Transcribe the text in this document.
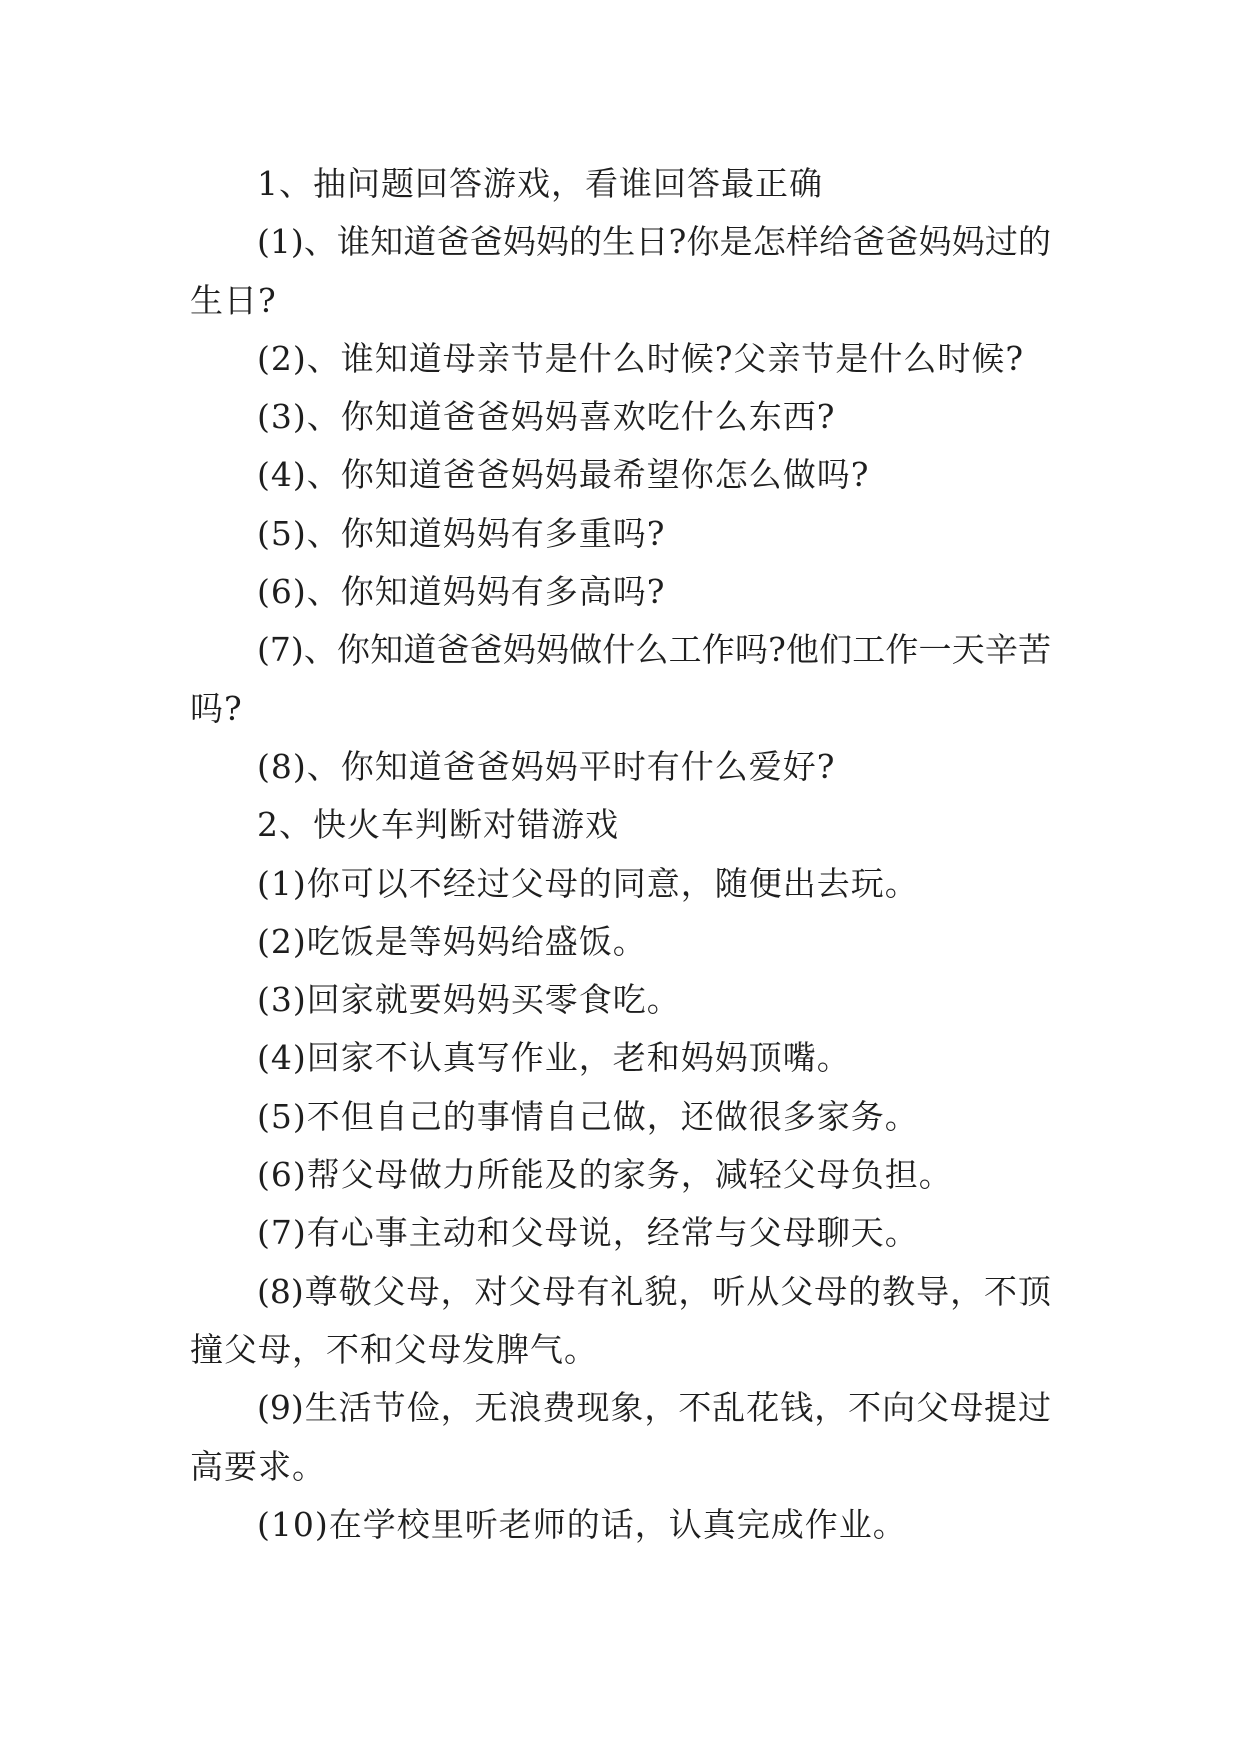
1、抽问题回答游戏，看谁回答最正确
(1)、谁知道爸爸妈妈的生日?你是怎样给爸爸妈妈过的
生日?
(2)、谁知道母亲节是什么时候?父亲节是什么时候?
(3)、你知道爸爸妈妈喜欢吃什么东西?
(4)、你知道爸爸妈妈最希望你怎么做吗?
(5)、你知道妈妈有多重吗?
(6)、你知道妈妈有多高吗?
(7)、你知道爸爸妈妈做什么工作吗?他们工作一天辛苦
吗?
(8)、你知道爸爸妈妈平时有什么爱好?
2、快火车判断对错游戏
(1)你可以不经过父母的同意，随便出去玩。
(2)吃饭是等妈妈给盛饭。
(3)回家就要妈妈买零食吃。
(4)回家不认真写作业，老和妈妈顶嘴。
(5)不但自己的事情自己做，还做很多家务。
(6)帮父母做力所能及的家务，减轻父母负担。
(7)有心事主动和父母说，经常与父母聊天。
(8)尊敬父母，对父母有礼貌，听从父母的教导，不顶
撞父母，不和父母发脾气。
(9)生活节俭，无浪费现象，不乱花钱，不向父母提过
高要求。
(10)在学校里听老师的话，认真完成作业。
